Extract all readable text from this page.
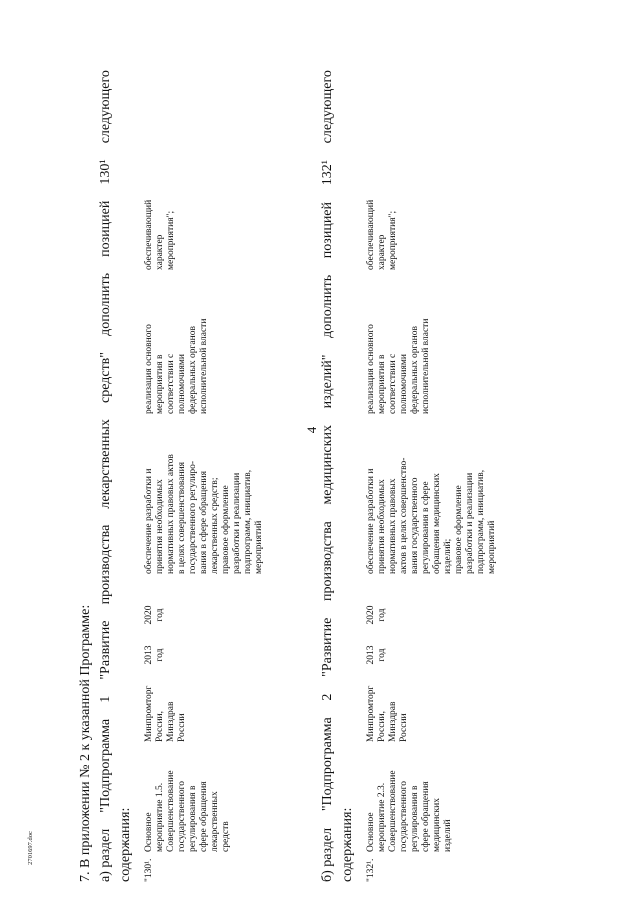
4

7. В приложении № 2 к указанной Программе: а) раздел
"Подпрограмма
1
"Развитие
производства
лекарственных
средств"
дополнить
позицией
130¹
следующего

содержания: "130¹.

Основное
мероприятие 1.5.
Совершенствование
государственного
регулирования в
сфере обращения
лекарственных
средств

Минпромторг
России,
Минздрав
России

2013
год

2020
год

обеспечение разработки и
принятия необходимых
нормативных правовых актов
в целях совершенствования
государственного регулиро-
вания в сфере обращения
лекарственных средств;
правовое оформление
разработки и реализации
подпрограмм, инициатив,
мероприятий

реализация основного
мероприятия в
соответствии с
полномочиями
федеральных органов
исполнительной власти

обеспечивающий
характер
мероприятия";

б) раздел
"Подпрограмма
2
"Развитие
производства
медицинских
изделий"
дополнить
позицией
132¹
следующего

содержания: "132¹.

Основное
мероприятие 2.3.
Совершенствование
государственного
регулирования в
сфере обращения
медицинских
изделий

Минпромторг
России,
Минздрав
России

2013
год

2020
год

обеспечение разработки и
принятия необходимых
нормативных правовых
актов в целях совершенство-
вания государственного
регулирования в сфере
обращения медицинских
изделий;
правовое оформление
разработки и реализации
подпрограмм, инициатив,
мероприятий

реализация основного
мероприятия в
соответствии с
полномочиями
федеральных органов
исполнительной власти

обеспечивающий
характер
мероприятия";

2701697.doc
